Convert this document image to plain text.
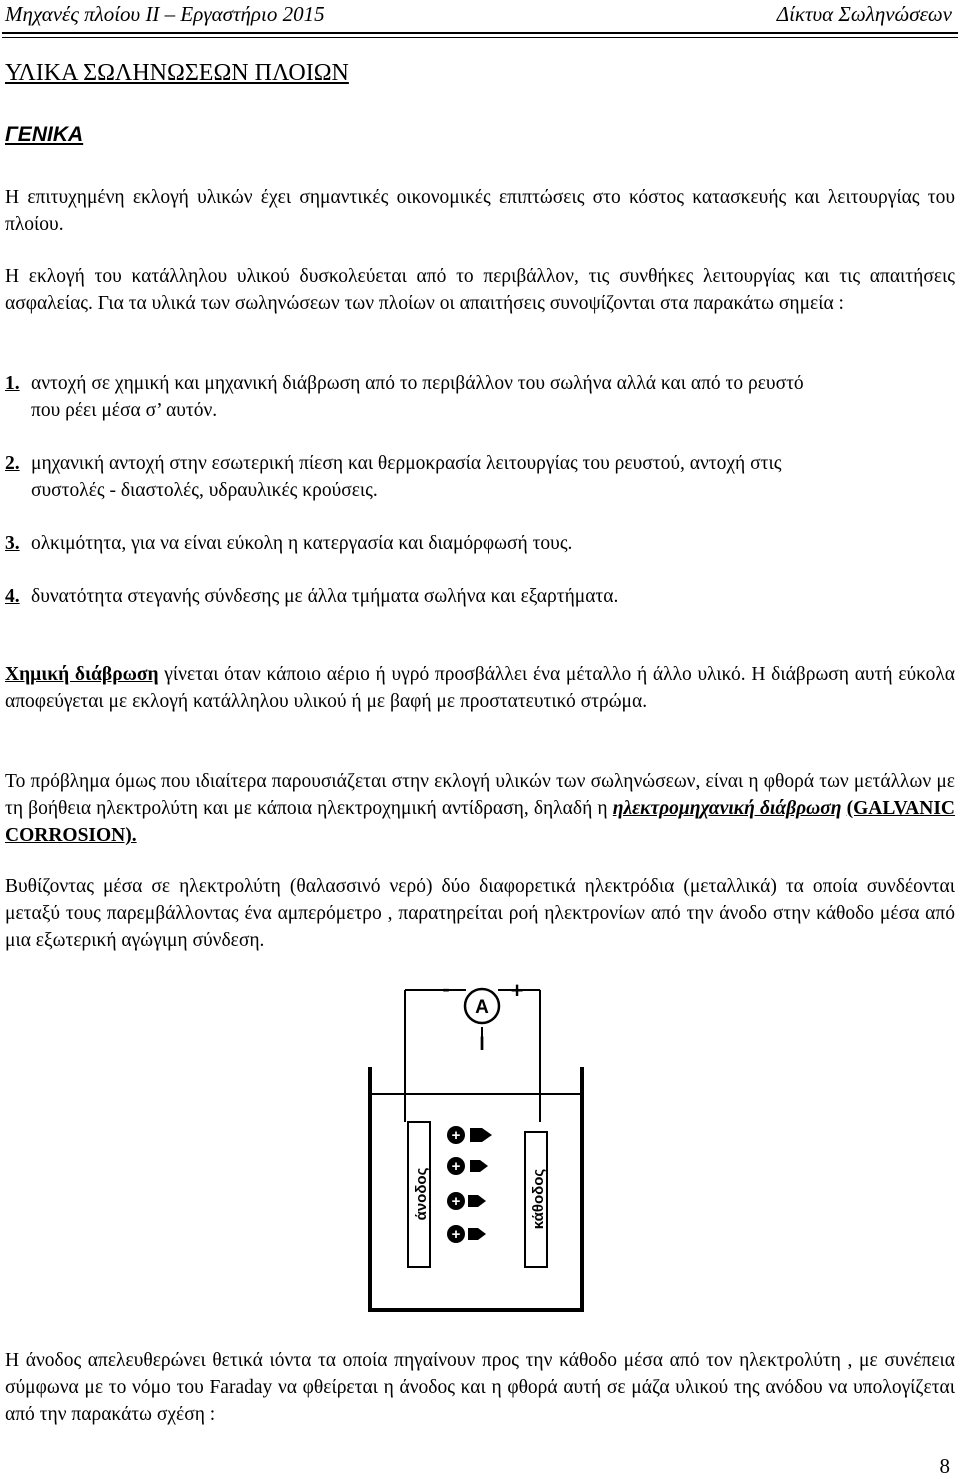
Μηχανές πλοίου ΙΙ – Εργαστήριο 2015	Δίκτυα Σωληνώσεων
ΥΛΙΚΑ ΣΩΛΗΝΩΣΕΩΝ ΠΛΟΙΩΝ
ΓΕΝΙΚΑ
Η επιτυχημένη εκλογή υλικών έχει σημαντικές οικονομικές επιπτώσεις στο κόστος κατασκευής και λειτουργίας του πλοίου.
Η εκλογή του κατάλληλου υλικού δυσκολεύεται από το περιβάλλον, τις συνθήκες λειτουργίας και τις απαιτήσεις ασφαλείας. Για τα υλικά των σωληνώσεων των πλοίων οι απαιτήσεις συνοψίζονται στα παρακάτω σημεία :
1. αντοχή σε χημική και μηχανική διάβρωση από το περιβάλλον του σωλήνα αλλά και από το ρευστό
που ρέει μέσα σ’ αυτόν.
2. μηχανική αντοχή στην εσωτερική πίεση και θερμοκρασία λειτουργίας του ρευστού, αντοχή στις
συστολές - διαστολές, υδραυλικές κρούσεις.
3. ολκιμότητα, για να είναι εύκολη η κατεργασία και διαμόρφωσή τους.
4. δυνατότητα στεγανής σύνδεσης με άλλα τμήματα σωλήνα και εξαρτήματα.
Χημική διάβρωση γίνεται όταν κάποιο αέριο ή υγρό προσβάλλει ένα μέταλλο ή άλλο υλικό. Η διάβρωση αυτή εύκολα αποφεύγεται με εκλογή κατάλληλου υλικού ή με βαφή με προστατευτικό στρώμα.
Το πρόβλημα όμως που ιδιαίτερα παρουσιάζεται στην εκλογή υλικών των σωληνώσεων, είναι η φθορά των μετάλλων με τη βοήθεια ηλεκτρολύτη και με κάποια ηλεκτροχημική αντίδραση, δηλαδή η ηλεκτρομηχανική διάβρωση (GALVANIC CORROSION).
Βυθίζοντας μέσα σε ηλεκτρολύτη (θαλασσινό νερό) δύο διαφορετικά ηλεκτρόδια (μεταλλικά) τα οποία συνδέονται μεταξύ τους παρεμβάλλοντας ένα αμπερόμετρο , παρατηρείται ροή ηλεκτρονίων από την άνοδο στην κάθοδο μέσα από μια εξωτερική αγώγιμη σύνδεση.
A
-	+
I
άνοδος	κάθοδος
+
+
+
+
Η άνοδος απελευθερώνει θετικά ιόντα τα οποία πηγαίνουν προς την κάθοδο μέσα από τον ηλεκτρολύτη , με συνέπεια σύμφωνα με το νόμο του Faraday να φθείρεται η άνοδος και η φθορά αυτή σε μάζα υλικού της ανόδου να υπολογίζεται από την παρακάτω σχέση :
8
